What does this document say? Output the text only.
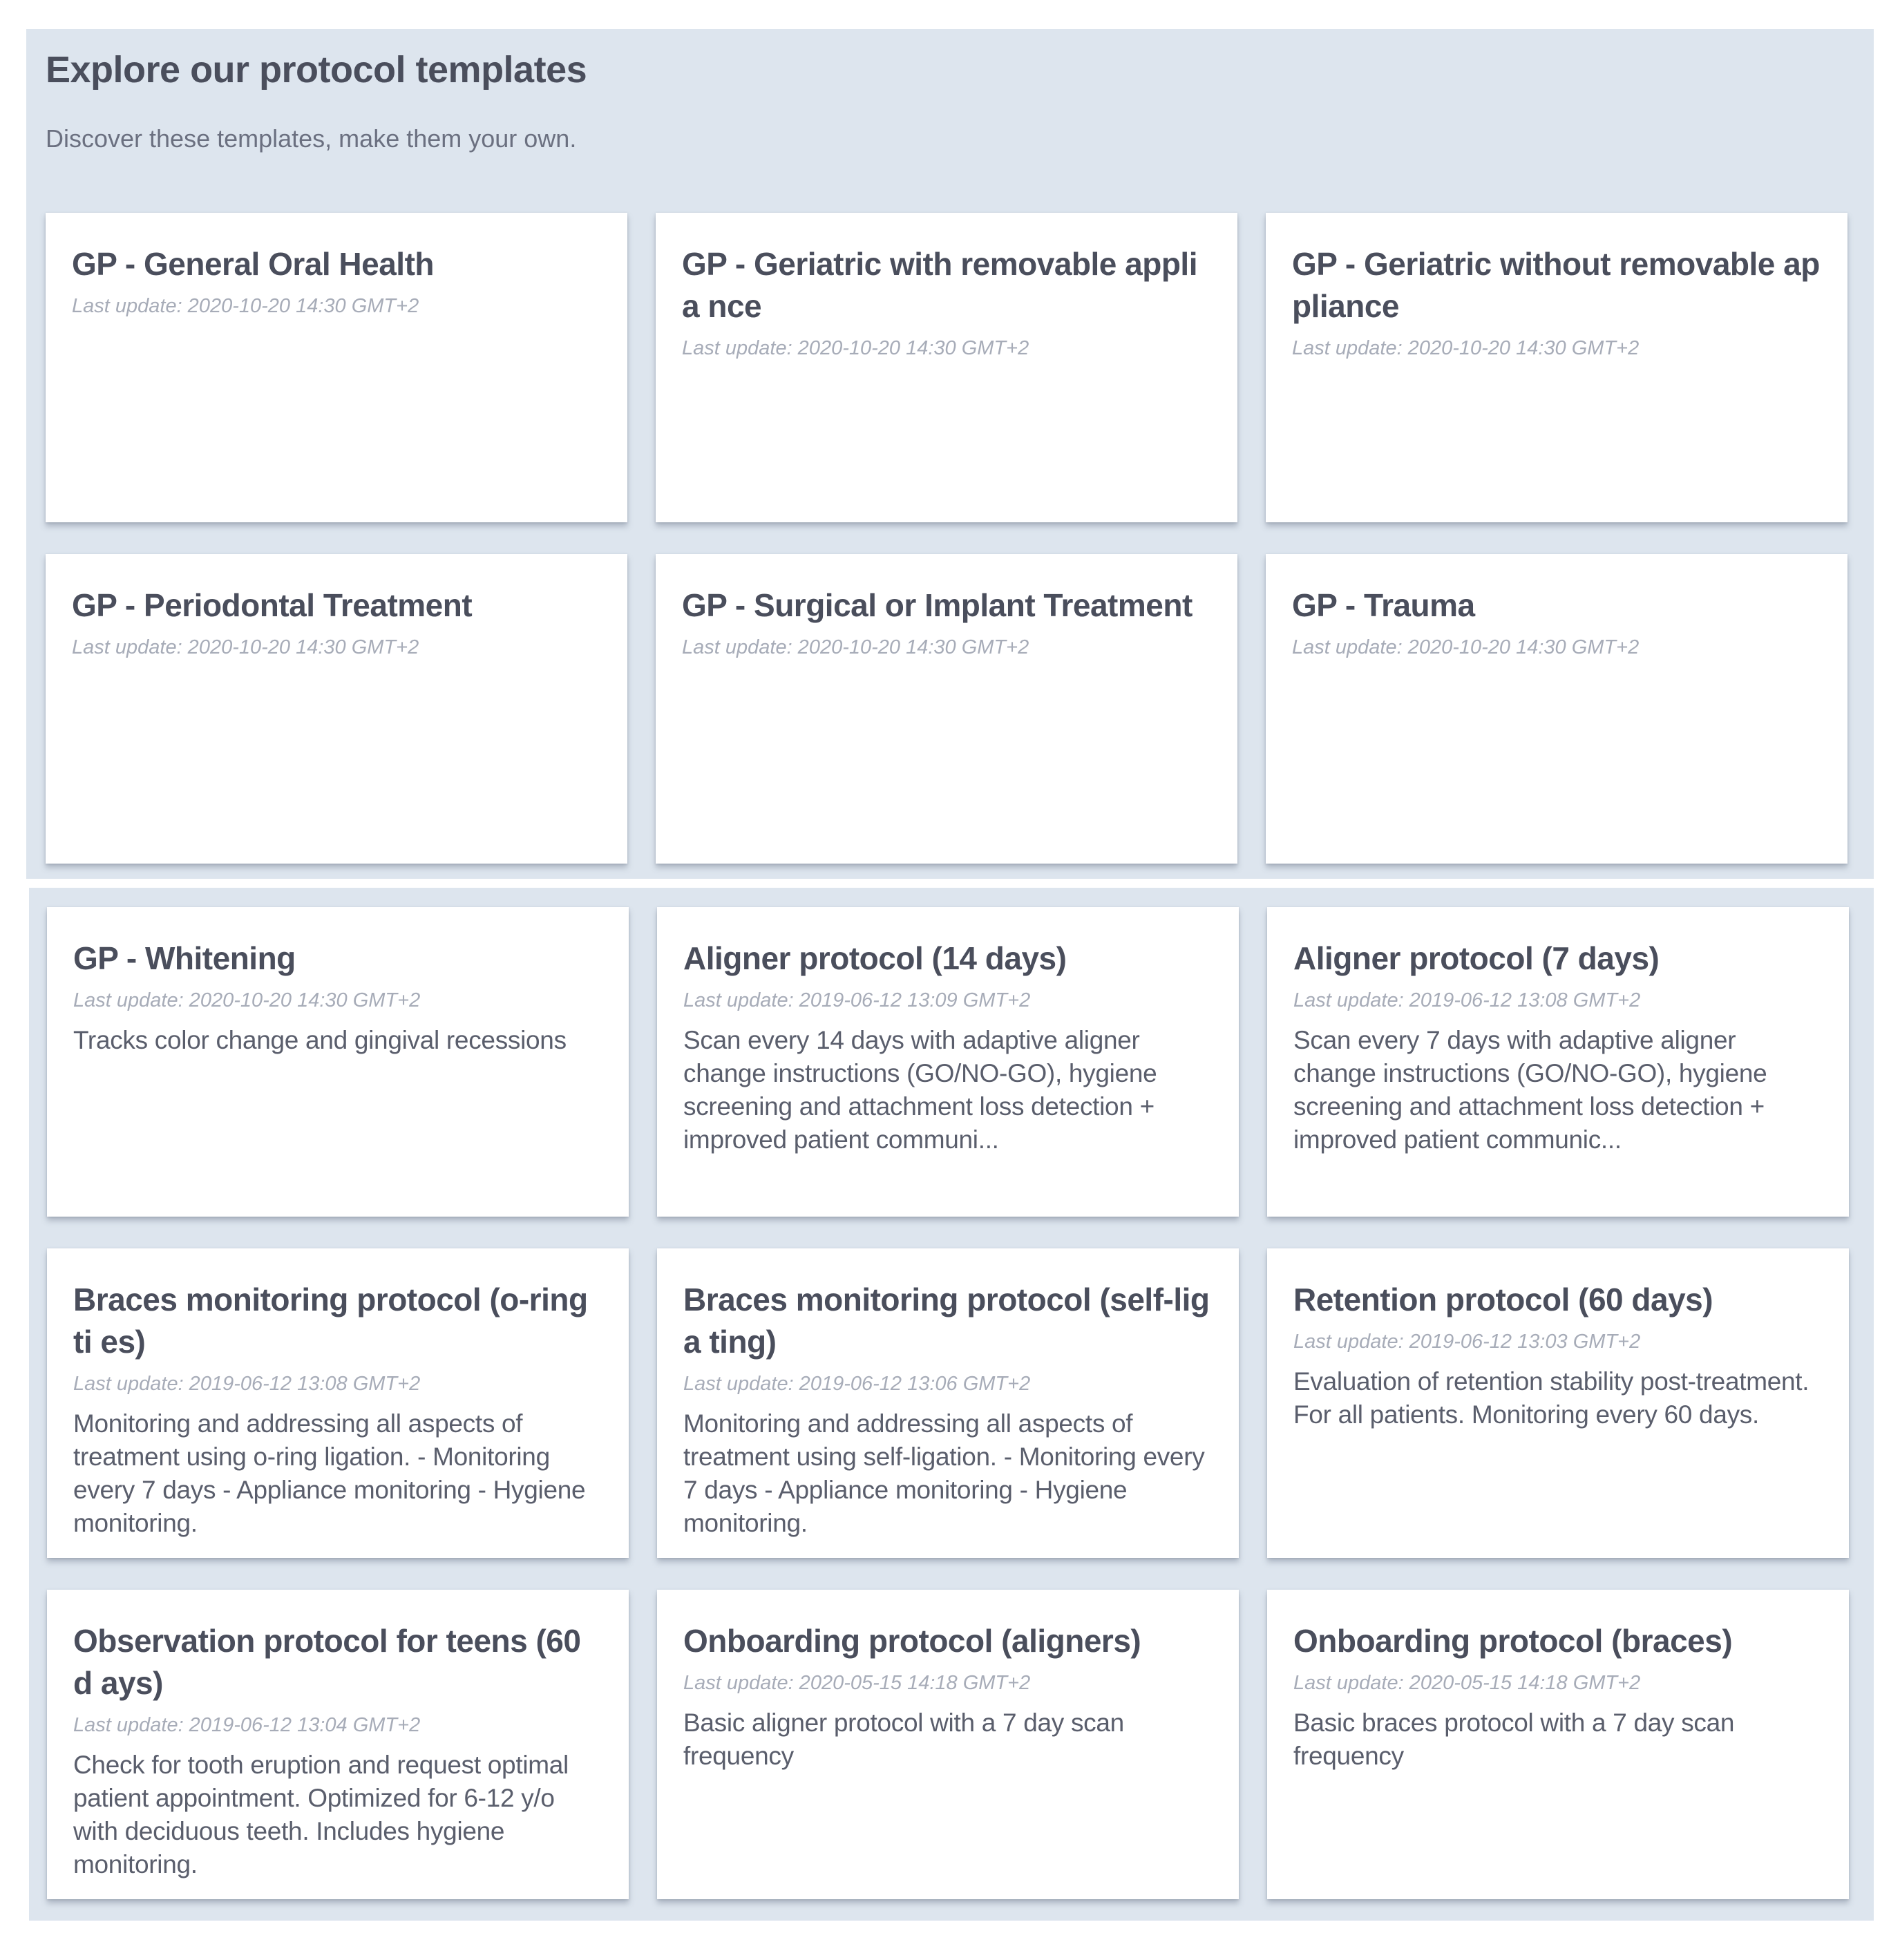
Explore our protocol templates
Discover these templates, make them your own.
GP - General Oral Health
Last update: 2020-10-20 14:30 GMT+2
GP - Geriatric with removable applia nce
Last update: 2020-10-20 14:30 GMT+2
GP - Geriatric without removable ap pliance
Last update: 2020-10-20 14:30 GMT+2
GP - Periodontal Treatment
Last update: 2020-10-20 14:30 GMT+2
GP - Surgical or Implant Treatment
Last update: 2020-10-20 14:30 GMT+2
GP - Trauma
Last update: 2020-10-20 14:30 GMT+2
GP - Whitening
Last update: 2020-10-20 14:30 GMT+2
Tracks color change and gingival recessions
Aligner protocol (14 days)
Last update: 2019-06-12 13:09 GMT+2
Scan every 14 days with adaptive aligner change instructions (GO/NO-GO), hygiene screening and attachment loss detection + improved patient communi...
Aligner protocol (7 days)
Last update: 2019-06-12 13:08 GMT+2
Scan every 7 days with adaptive aligner change instructions (GO/NO-GO), hygiene screening and attachment loss detection + improved patient communic...
Braces monitoring protocol (o-ring ti es)
Last update: 2019-06-12 13:08 GMT+2
Monitoring and addressing all aspects of treatment using o-ring ligation. - Monitoring every 7 days - Appliance monitoring - Hygiene monitoring.
Braces monitoring protocol (self-liga ting)
Last update: 2019-06-12 13:06 GMT+2
Monitoring and addressing all aspects of treatment using self-ligation. - Monitoring every 7 days - Appliance monitoring - Hygiene monitoring.
Retention protocol (60 days)
Last update: 2019-06-12 13:03 GMT+2
Evaluation of retention stability post-treatment. For all patients. Monitoring every 60 days.
Observation protocol for teens (60 d ays)
Last update: 2019-06-12 13:04 GMT+2
Check for tooth eruption and request optimal patient appointment. Optimized for 6-12 y/o with deciduous teeth. Includes hygiene monitoring.
Onboarding protocol (aligners)
Last update: 2020-05-15 14:18 GMT+2
Basic aligner protocol with a 7 day scan frequency
Onboarding protocol (braces)
Last update: 2020-05-15 14:18 GMT+2
Basic braces protocol with a 7 day scan frequency
